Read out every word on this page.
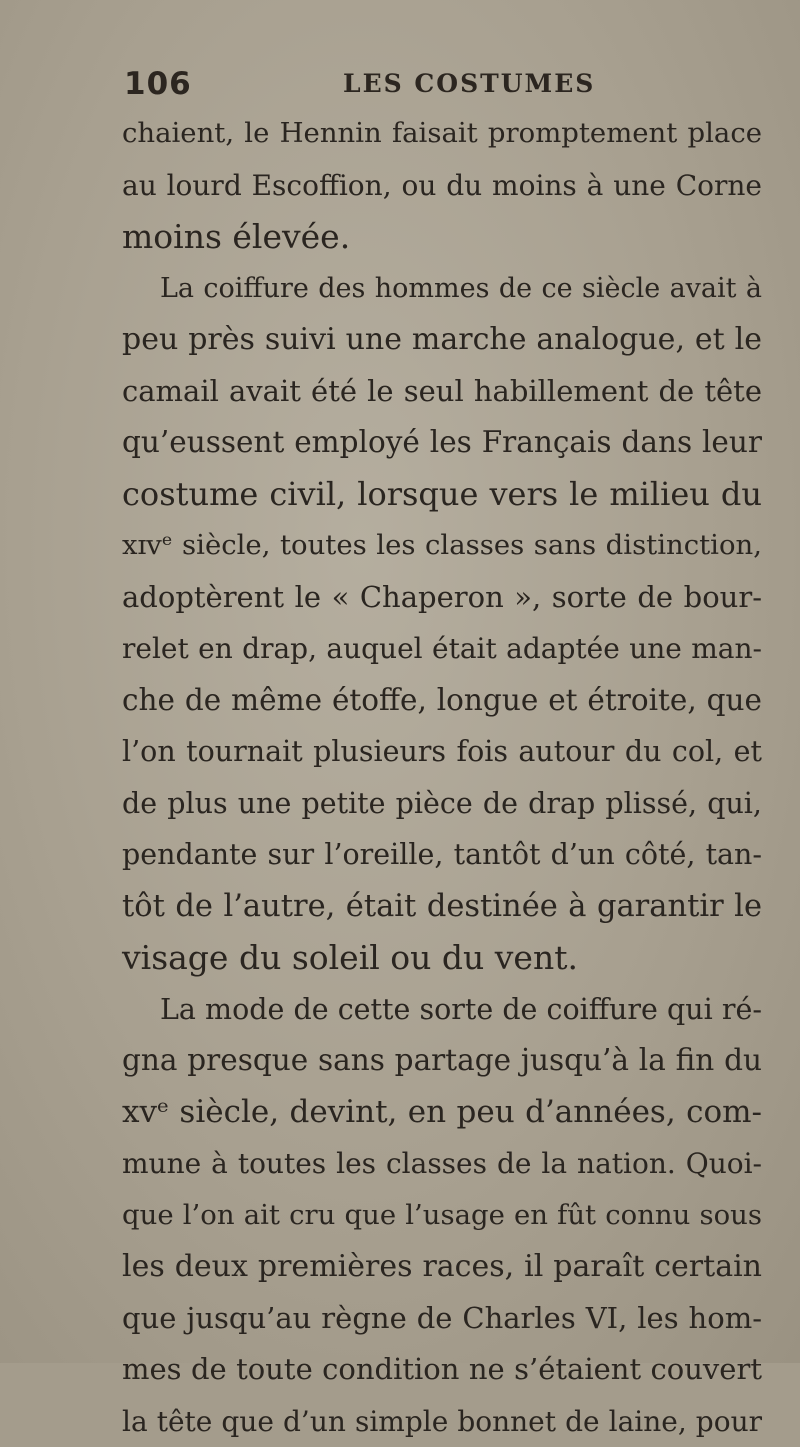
106	LES COSTUMES
chaient, le Hennin faisait promptement place
au lourd Escoffion, ou du moins à une Corne
moins élevée.
La coiffure des hommes de ce siècle avait à
peu près suivi une marche analogue, et le
camail avait été le seul habillement de tête
qu’eussent employé les Français dans leur
costume civil, lorsque vers le milieu du
xɪvᵉ siècle, toutes les classes sans distinction,
adoptèrent le « Chaperon », sorte de bour-
relet en drap, auquel était adaptée une man-
che de même étoffe, longue et étroite, que
l’on tournait plusieurs fois autour du col, et
de plus une petite pièce de drap plissé, qui,
pendante sur l’oreille, tantôt d’un côté, tan-
tôt de l’autre, était destinée à garantir le
visage du soleil ou du vent.
La mode de cette sorte de coiffure qui ré-
gna presque sans partage jusqu’à la fin du
xvᵉ siècle, devint, en peu d’années, com-
mune à toutes les classes de la nation. Quoi-
que l’on ait cru que l’usage en fût connu sous
les deux premières races, il paraît certain
que jusqu’au règne de Charles VI, les hom-
mes de toute condition ne s’étaient couvert
la tête que d’un simple bonnet de laine, pour
